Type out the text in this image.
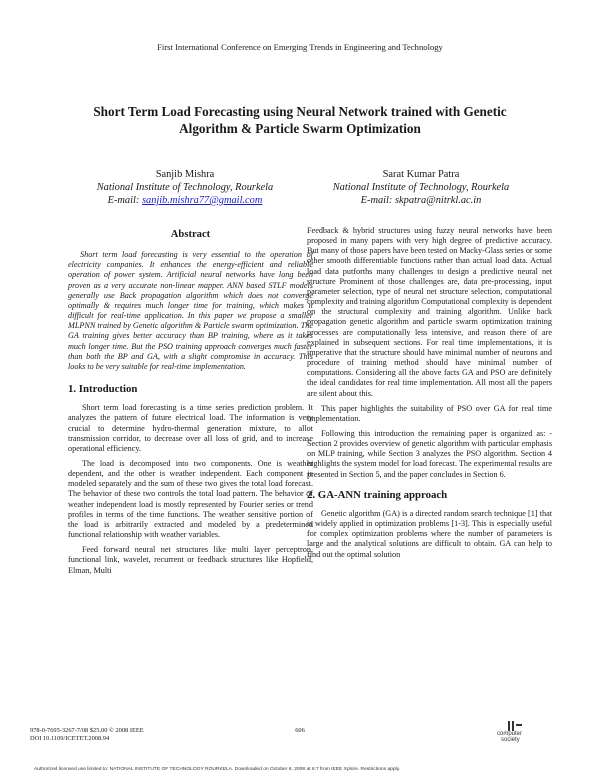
First International Conference on Emerging Trends in Engineering and Technology
Short Term Load Forecasting using Neural Network trained with Genetic
Algorithm & Particle Swarm Optimization
Sanjib Mishra
National Institute of Technology, Rourkela
E-mail: sanjib.mishra77@gmail.com
Sarat Kumar Patra
National Institute of Technology, Rourkela
E-mail: skpatra@nitrkl.ac.in
Abstract
Short term load forecasting is very essential to the operation of electricity companies. It enhances the energy-efficient and reliable operation of power system. Artificial neural networks have long been proven as a very accurate non-linear mapper. ANN based STLF models generally use Back propagation algorithm which does not converge optimally & requires much longer time for training, which makes it difficult for real-time application. In this paper we propose a smaller MLPNN trained by Genetic algorithm & Particle swarm optimization. The GA training gives better accuracy than BP training, where as it takes much longer time. But the PSO training approach converges much faster than both the BP and GA, with a slight compromise in accuracy. This looks to be very suitable for real-time implementation.
1. Introduction
Short term load forecasting is a time series prediction problem. It analyzes the pattern of future electrical load. The information is very crucial to determine hydro-thermal generation mixture, to allot transmission corridor, to decrease over all loss of grid, and to increase operational efficiency.
The load is decomposed into two components. One is weather dependent, and the other is weather independent. Each component is modeled separately and the sum of these two gives the total load forecast. The behavior of these two controls the total load pattern. The behavior of weather independent load is mostly represented by Fourier series or trend profiles in terms of the time functions. The weather sensitive portion of the load is arbitrarily extracted and modeled by a predetermined functional relationship with weather variables.
Feed forward neural net structures like multi layer perceptron, functional link, wavelet, recurrent or feedback structures like Hopfield, Elman, Multi
Feedback & hybrid structures using fuzzy neural networks have been proposed in many papers with very high degree of predictive accuracy. But many of those papers have been tested on Macky-Glass series or some other smooth differentiable functions rather than actual load data. Actual load data putforths many challenges to design a predictive neural net structure Prominent of those challenges are, data pre-processing, input parameter selection, type of neural net structure selection, computational complexity and training algorithm Computational complexity is dependent on the structural complexity and training algorithm. Unlike back propagation genetic algorithm and particle swarm optimization training processes are computationally less intensive, and reason there of are explained in subsequent sections. For real time implementations, it is imperative that the structure should have minimal number of neurons and procedure of training method should have minimal number of computations. Considering all the above facts GA and PSO are definitely the ideal candidates for real time implementation. All most all the papers are silent about this.
This paper highlights the suitability of PSO over GA for real time implementation.
Following this introduction the remaining paper is organized as: - Section 2 provides overview of genetic algorithm with particular emphasis on MLP training, while Section 3 analyzes the PSO algorithm. Section 4 highlights the system model for load forecast. The experimental results are presented in Section 5, and the paper concludes in Section 6.
2. GA-ANN training approach
Genetic algorithm (GA) is a directed random search technique [1] that is widely applied in optimization problems [1-3]. This is especially useful for complex optimization problems where the number of parameters is large and the analytical solutions are difficult to obtain. GA can help to find out the optimal solution
978-0-7695-3267-7/08 $25.00 © 2008 IEEE
DOI 10.1109/ICETET.2008.94
606	computer
society
Authorized licensed use limited to: NATIONAL INSTITUTE OF TECHNOLOGY ROURKELA. Downloaded on October 6, 2008 at 6:7 from IEEE Xplore. Restrictions apply.
